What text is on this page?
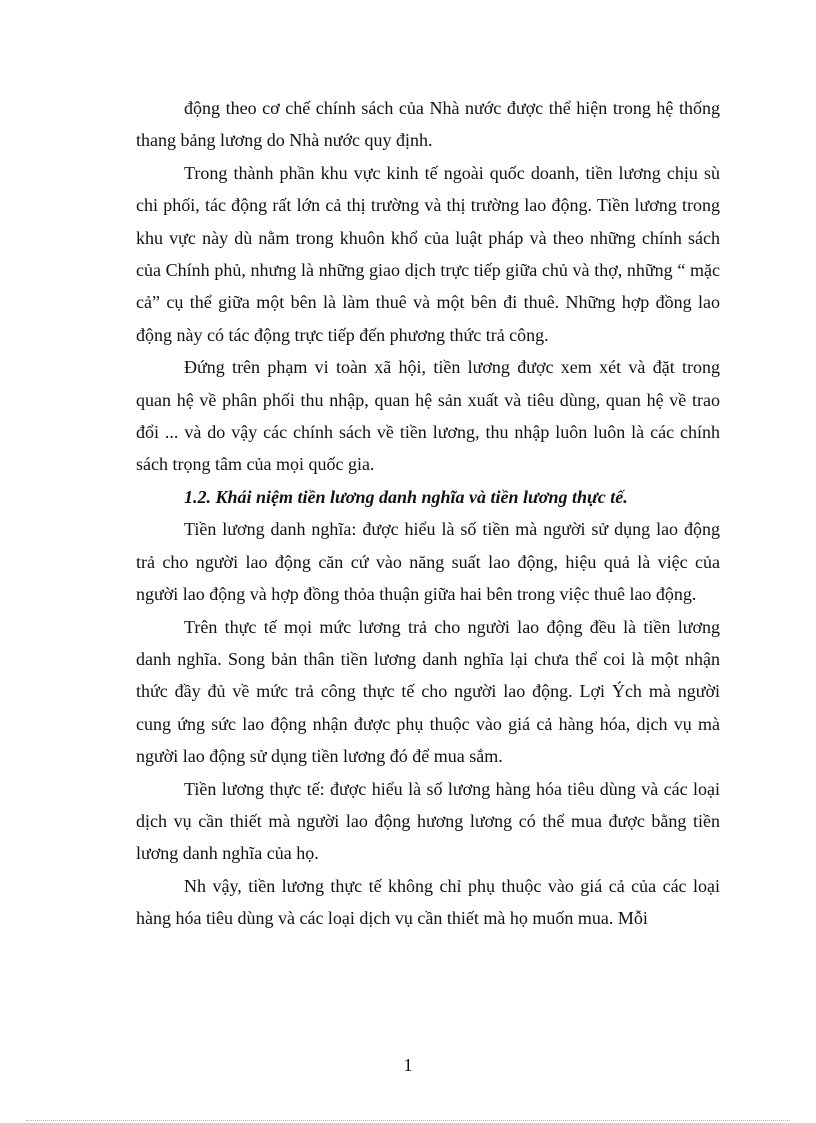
động theo cơ chế chính sách của Nhà nước được thể hiện trong hệ thống thang bảng lương do Nhà nước quy định.

Trong thành phần khu vực kinh tế ngoài quốc doanh, tiền lương chịu sù chi phối, tác động rất lớn cả thị trường và thị trường lao động. Tiền lương trong khu vực này dù nằm trong khuôn khổ của luật pháp và theo những chính sách của Chính phủ, nhưng là những giao dịch trực tiếp giữa chủ và thợ, những “ mặc cả” cụ thể giữa một bên là làm thuê và một bên đi thuê. Những hợp đồng lao động này có tác động trực tiếp đến phương thức trả công.

Đứng trên phạm vi toàn xã hội, tiền lương được xem xét và đặt trong quan hệ về phân phối thu nhập, quan hệ sản xuất và tiêu dùng, quan hệ về trao đổi ... và do vậy các chính sách về tiền lương, thu nhập luôn luôn là các chính sách trọng tâm của mọi quốc gia.

1.2. Khái niệm tiền lương danh nghĩa và tiền lương thực tế.

Tiền lương danh nghĩa: được hiểu là số tiền mà người sử dụng lao động trả cho người lao động căn cứ vào năng suất lao động, hiệu quả là việc của người lao động và hợp đồng thỏa thuận giữa hai bên trong việc thuê lao động.

Trên thực tế mọi mức lương trả cho người lao động đều là tiền lương danh nghĩa. Song bản thân tiền lương danh nghĩa lại chưa thể coi là một nhận thức đầy đủ về mức trả công thực tế cho người lao động. Lợi Ých mà người cung ứng sức lao động nhận được phụ thuộc vào giá cả hàng hóa, dịch vụ mà người lao động sử dụng tiền lương đó để mua sắm.

Tiền lương thực tế: được hiểu là số lương hàng hóa tiêu dùng và các loại dịch vụ cần thiết mà người lao động hương lương có thể mua được bằng tiền lương danh nghĩa của họ.

Nh vậy, tiền lương thực tế không chỉ phụ thuộc vào giá cả của các loại hàng hóa tiêu dùng và các loại dịch vụ cần thiết mà họ muốn mua. Mỗi

1
